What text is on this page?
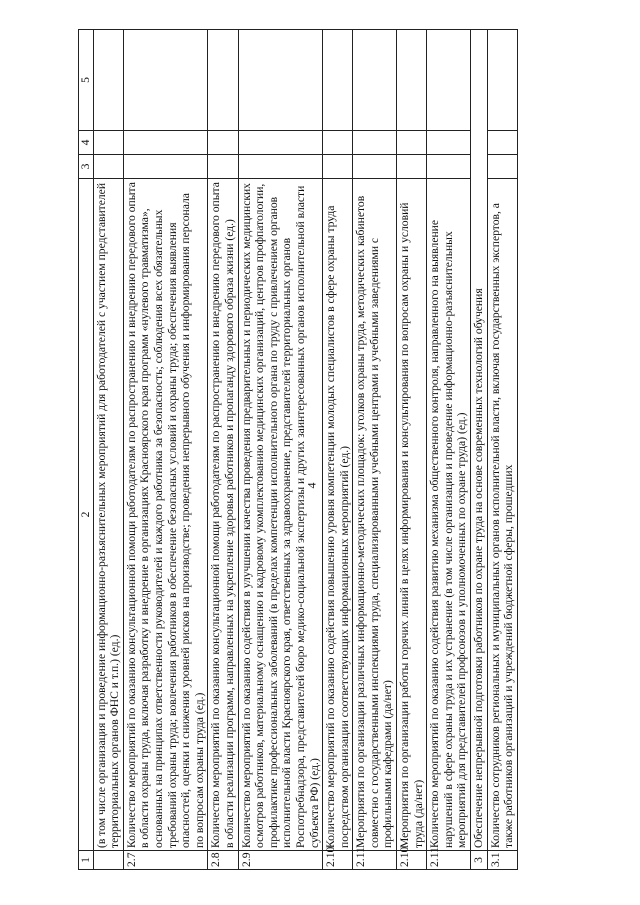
4
1	2	3	4	5
	(в том числе организация и проведение информационно-разъяснительных мероприятий для работодателей с участием представителей территориальных органов ФНС и т.п.) (ед.)			
2.7	Количество мероприятий по оказанию консультационной помощи работодателям по распространению и внедрению передового опыта в области охраны труда, включая разработку и внедрение в организациях Красноярского края программ «нулевого травматизма», основанных на принципах ответственности руководителей и каждого работника за безопасность; соблюдения всех обязательных требований охраны труда; вовлечения работников в обеспечение безопасных условий и охраны труда; обеспечения выявления опасностей, оценки и снижения уровней рисков на производстве; проведения непрерывного обучения и информирования персонала по вопросам охраны труда (ед.)			
2.8	Количество мероприятий по оказанию консультационной помощи работодателям по распространению и внедрению передового опыта в области реализации программ, направленных на укрепление здоровья работников и пропаганду здорового образа жизни (ед.)			
2.9	Количество мероприятий по оказанию содействия в улучшении качества проведения предварительных и периодических медицинских осмотров работников, материальному оснащению и кадровому укомплектованию медицинских организаций, центров профпатологии, профилактике профессиональных заболеваний (в пределах компетенции исполнительного органа по труду с привлечением органов исполнительной власти Красноярского края, ответственных за здравоохранение, представителей территориальных органов Роспотребнадзора, представителей бюро медико-социальной экспертизы и других заинтересованных органов исполнительной власти субъекта РФ) (ед.)			
2.10	Количество мероприятий по оказанию содействия повышению уровня компетенции молодых специалистов в сфере охраны труда посредством организации соответствующих информационных мероприятий (ед.)			
2.11	Мероприятия по организации различных информационно-методических площадок: уголков охраны труда, методических кабинетов совместно с государственными инспекциями труда, специализированными учебными центрами и учебными заведениями с профильными кафедрами (да/нет)			
2.10	Мероприятия по организации работы горячих линий в целях информирования и консультирования по вопросам охраны и условий труда (да/нет)			
2.11	Количество мероприятий по оказанию содействия развитию механизма общественного контроля, направленного на выявление нарушений в сфере охраны труда и их устранение (в том числе организация и проведение информационно-разъяснительных мероприятий для представителей профсоюзов и уполномоченных по охране труда) (ед.)			
3	Обеспечение непрерывной подготовки работников по охране труда на основе современных технологий обучения			
3.1	Количество сотрудников региональных и муниципальных органов исполнительной власти, включая государственных экспертов, а также работников организаций и учреждений бюджетной сферы, прошедших			
